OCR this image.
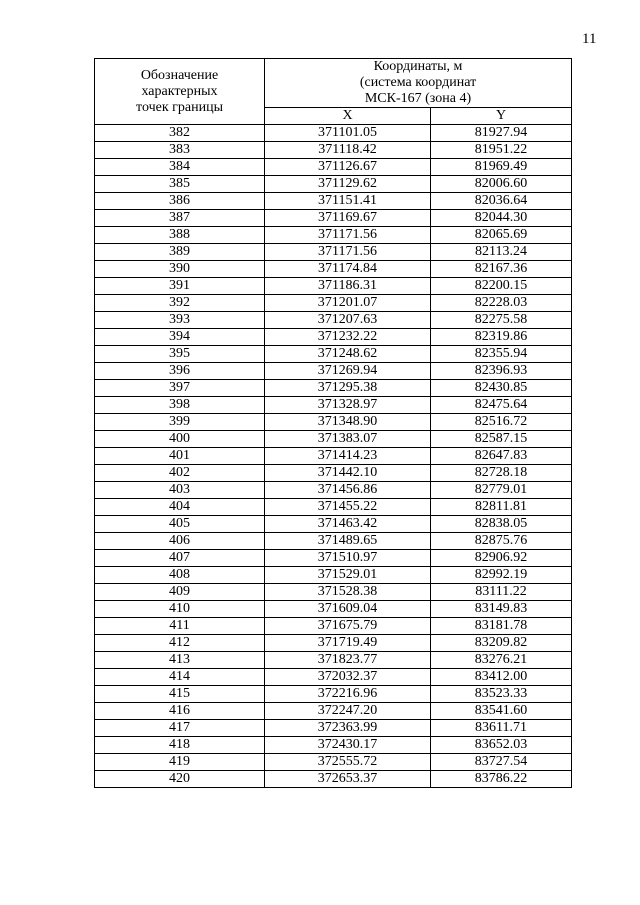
11
Обозначение
характерных
точек границы	Координаты, м
(система координат
МСК-167 (зона 4)	
	X	Y
382	371101.05	81927.94
383	371118.42	81951.22
384	371126.67	81969.49
385	371129.62	82006.60
386	371151.41	82036.64
387	371169.67	82044.30
388	371171.56	82065.69
389	371171.56	82113.24
390	371174.84	82167.36
391	371186.31	82200.15
392	371201.07	82228.03
393	371207.63	82275.58
394	371232.22	82319.86
395	371248.62	82355.94
396	371269.94	82396.93
397	371295.38	82430.85
398	371328.97	82475.64
399	371348.90	82516.72
400	371383.07	82587.15
401	371414.23	82647.83
402	371442.10	82728.18
403	371456.86	82779.01
404	371455.22	82811.81
405	371463.42	82838.05
406	371489.65	82875.76
407	371510.97	82906.92
408	371529.01	82992.19
409	371528.38	83111.22
410	371609.04	83149.83
411	371675.79	83181.78
412	371719.49	83209.82
413	371823.77	83276.21
414	372032.37	83412.00
415	372216.96	83523.33
416	372247.20	83541.60
417	372363.99	83611.71
418	372430.17	83652.03
419	372555.72	83727.54
420	372653.37	83786.22
